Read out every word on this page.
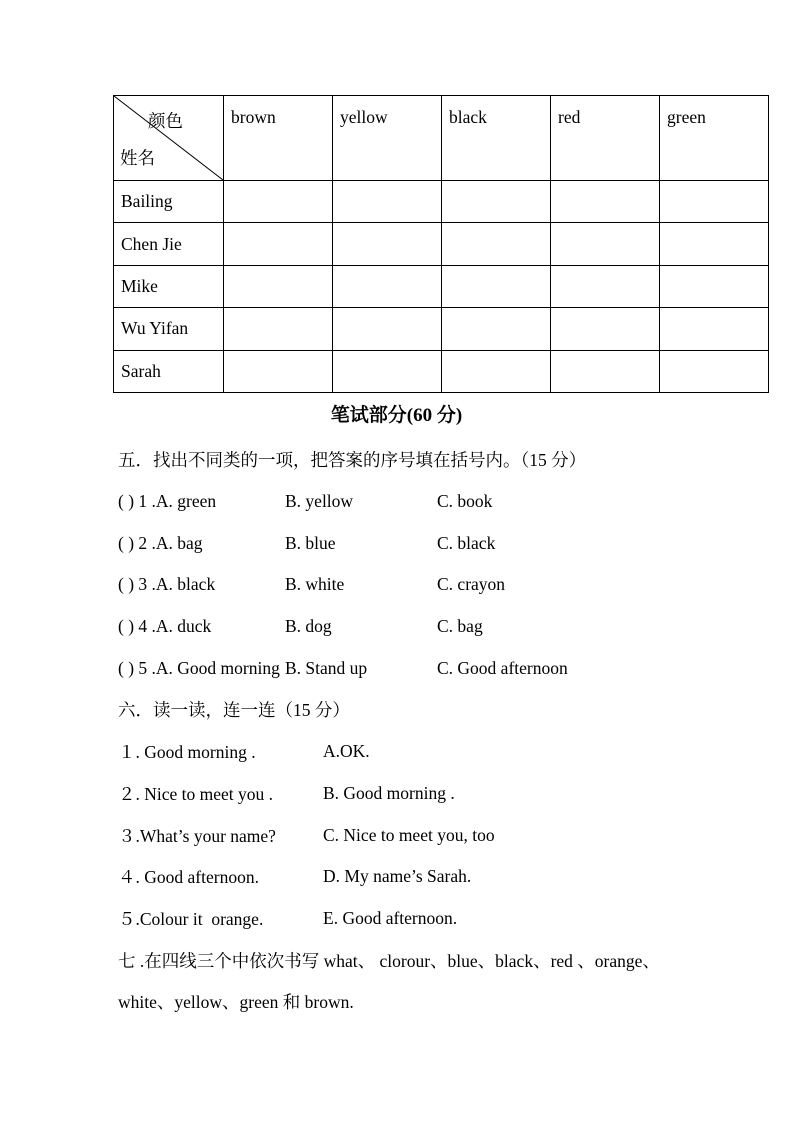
颜色
姓名	brown	yellow	black	red	green
Bailing					
Chen Jie					
Mike					
Wu Yifan					
Sarah					
笔试部分(60 分)
五．找出不同类的一项，把答案的序号填在括号内。（15 分）
( ) 1 .A. green	B. yellow	C. book
( ) 2 .A. bag	B. blue	C. black
( ) 3 .A. black	B. white	C. crayon
( ) 4 .A. duck	B. dog	C. bag
( ) 5 .A. Good morning B. Stand up	C. Good afternoon
六．读一读，连一连（15 分）
１. Good morning .	A.OK.
２. Nice to meet you .	B. Good morning .
３.What’s your name?	C. Nice to meet you, too
４. Good afternoon.	D. My name’s Sarah.
５.Colour it  orange.	E. Good afternoon.
七 .在四线三个中依次书写 what、 clorour、blue、black、red 、orange、
white、yellow、green 和 brown.
